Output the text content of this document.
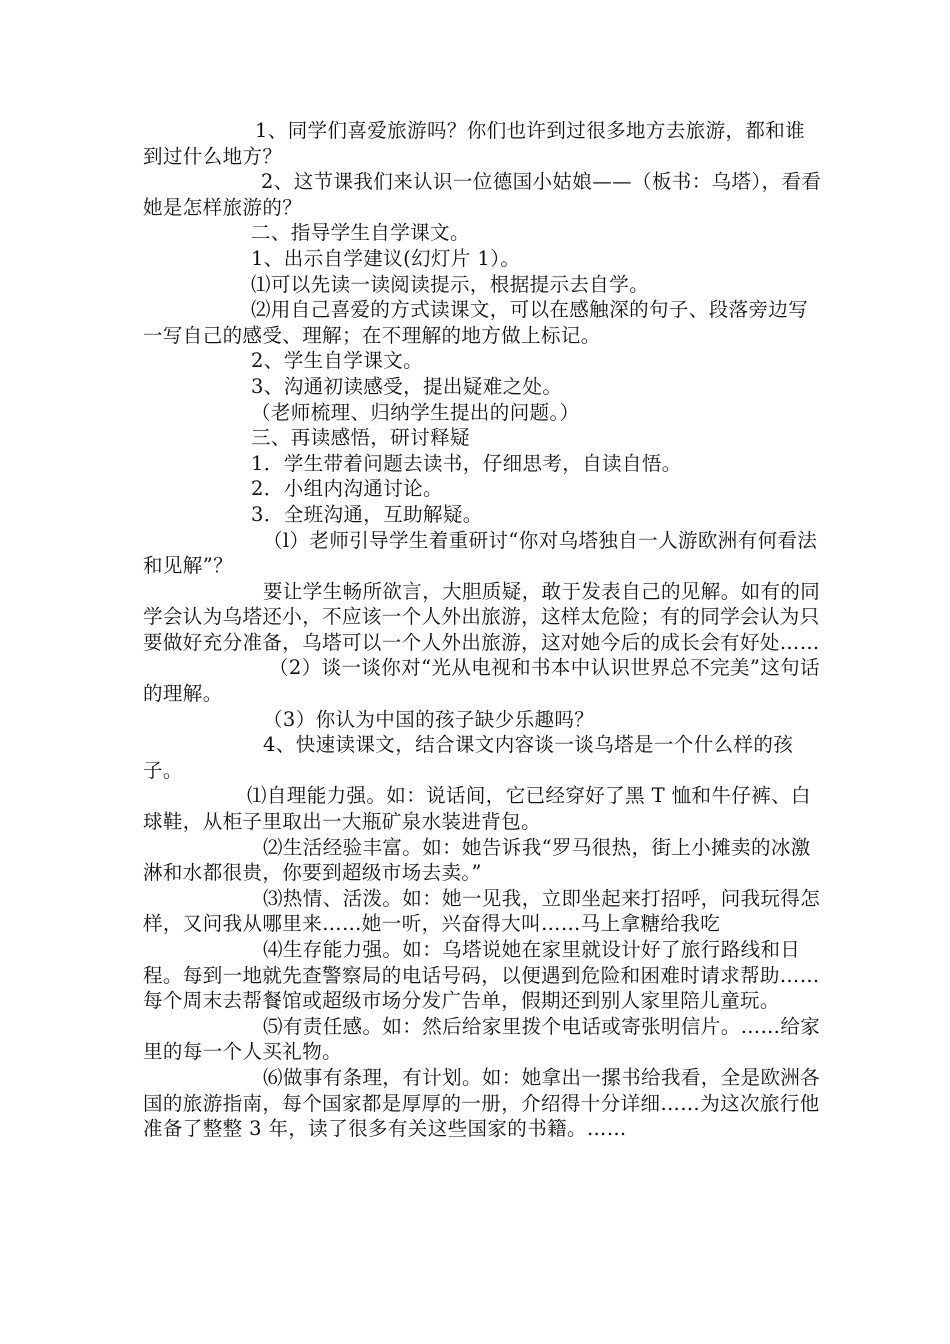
1、同学们喜爱旅游吗？你们也许到过很多地方去旅游，都和谁到过什么地方？

2、这节课我们来认识一位德国小姑娘——（板书：乌塔），看看她是怎样旅游的？

二、指导学生自学课文。

1、出示自学建议(幻灯片 1）。

⑴可以先读一读阅读提示，根据提示去自学。

⑵用自己喜爱的方式读课文，可以在感触深的句子、段落旁边写一写自己的感受、理解；在不理解的地方做上标记。

2、学生自学课文。

3、沟通初读感受，提出疑难之处。

（老师梳理、归纳学生提出的问题。）

三、再读感悟，研讨释疑

1．学生带着问题去读书，仔细思考，自读自悟。

2．小组内沟通讨论。

3．全班沟通，互助解疑。

（l）老师引导学生着重研讨“你对乌塔独自一人游欧洲有何看法和见解”？

要让学生畅所欲言，大胆质疑，敢于发表自己的见解。如有的同学会认为乌塔还小，不应该一个人外出旅游，这样太危险；有的同学会认为只要做好充分准备，乌塔可以一个人外出旅游，这对她今后的成长会有好处……

（2）谈一谈你对“光从电视和书本中认识世界总不完美”这句话的理解。

（3）你认为中国的孩子缺少乐趣吗？

4、快速读课文，结合课文内容谈一谈乌塔是一个什么样的孩子。

⑴自理能力强。如：说话间，它已经穿好了黑 T 恤和牛仔裤、白球鞋，从柜子里取出一大瓶矿泉水装进背包。

⑵生活经验丰富。如：她告诉我“罗马很热，街上小摊卖的冰激淋和水都很贵，你要到超级市场去卖。”

⑶热情、活泼。如：她一见我，立即坐起来打招呼，问我玩得怎样，又问我从哪里来……她一听，兴奋得大叫……马上拿糖给我吃

⑷生存能力强。如：乌塔说她在家里就设计好了旅行路线和日程。每到一地就先查警察局的电话号码，以便遇到危险和困难时请求帮助……每个周末去帮餐馆或超级市场分发广告单，假期还到别人家里陪儿童玩。

⑸有责任感。如：然后给家里拨个电话或寄张明信片。……给家里的每一个人买礼物。

⑹做事有条理，有计划。如：她拿出一摞书给我看，全是欧洲各国的旅游指南，每个国家都是厚厚的一册，介绍得十分详细……为这次旅行他准备了整整 3 年，读了很多有关这些国家的书籍。……
